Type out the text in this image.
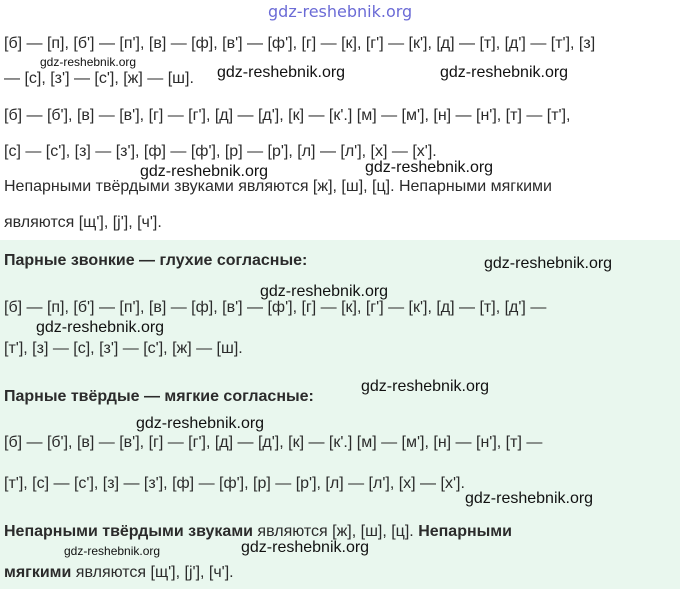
gdz-reshebnik.org
[б] — [п], [б'] — [п'], [в] — [ф], [в'] — [ф'], [г] — [к], [г'] — [к'], [д] — [т], [д'] — [т'], [з]
— [с], [з'] — [с'], [ж] — [ш].
[б] — [б'], [в] — [в'], [г] — [г'], [д] — [д'], [к] — [к'.] [м] — [м'], [н] — [н'], [т] — [т'],
[с] — [с'], [з] — [з'], [ф] — [ф'], [р] — [р'], [л] — [л'], [х] — [х'].
Непарными твёрдыми звуками являются [ж], [ш], [ц]. Непарными мягкими
являются [щ'], [j'], [ч'].
Парные звонкие — глухие согласные:
[б] — [п], [б'] — [п'], [в] — [ф], [в'] — [ф'], [г] — [к], [г'] — [к'], [д] — [т], [д'] —
[т'], [з] — [с], [з'] — [с'], [ж] — [ш].
Парные твёрдые — мягкие согласные:
[б] — [б'], [в] — [в'], [г] — [г'], [д] — [д'], [к] — [к'.] [м] — [м'], [н] — [н'], [т] —
[т'], [с] — [с'], [з] — [з'], [ф] — [ф'], [р] — [р'], [л] — [л'], [х] — [х'].
Непарными твёрдыми звуками являются [ж], [ш], [ц]. Непарными
мягкими являются [щ'], [j'], [ч'].
gdz-reshebnik.org
gdz-reshebnik.org	gdz-reshebnik.org
gdz-reshebnik.org
gdz-reshebnik.org
gdz-reshebnik.org
gdz-reshebnik.org
gdz-reshebnik.org
gdz-reshebnik.org
gdz-reshebnik.org
gdz-reshebnik.org
gdz-reshebnik.org
gdz-reshebnik.org
